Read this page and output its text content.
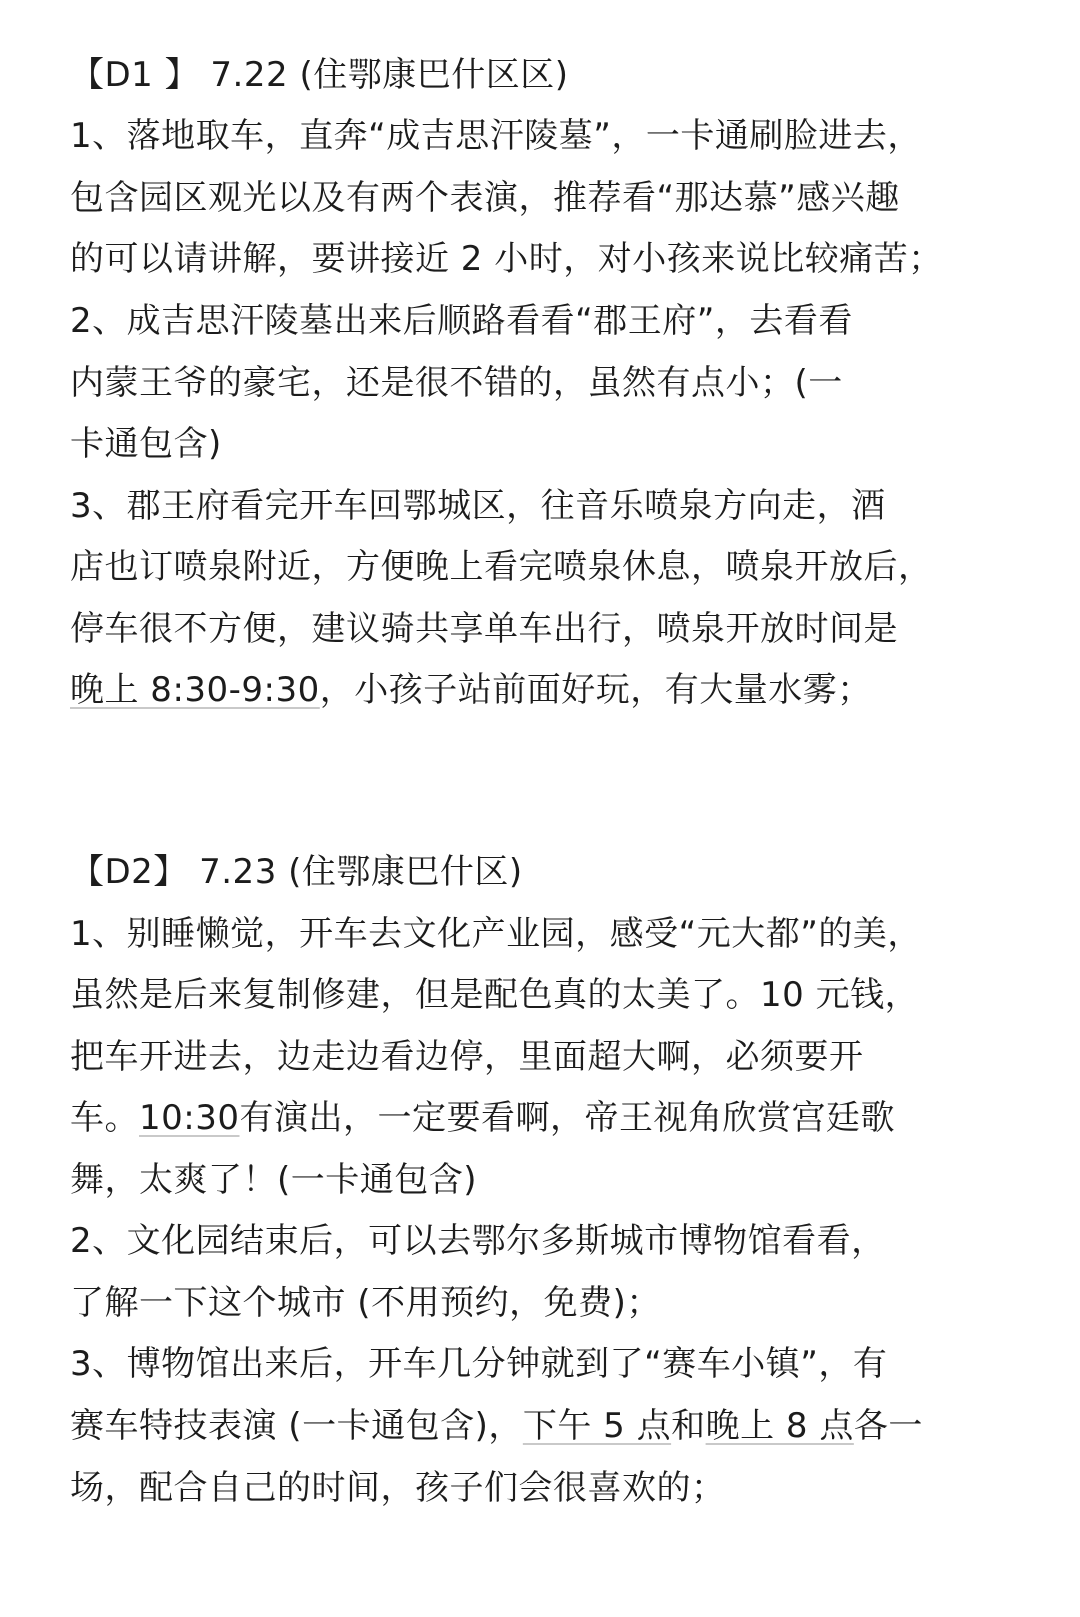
【D1 】 7.22 (住鄂康巴什区区)
1、落地取车，直奔“成吉思汗陵墓”，一卡通刷脸进去，
包含园区观光以及有两个表演，推荐看“那达慕”感兴趣
的可以请讲解，要讲接近 2 小时，对小孩来说比较痛苦；
2、成吉思汗陵墓出来后顺路看看“郡王府”，去看看
内蒙王爷的豪宅，还是很不错的，虽然有点小；(一
卡通包含)
3、郡王府看完开车回鄂城区，往音乐喷泉方向走，酒
店也订喷泉附近，方便晚上看完喷泉休息，喷泉开放后，
停车很不方便，建议骑共享单车出行，喷泉开放时间是
晚上 8:30-9:30，小孩子站前面好玩，有大量水雾；
【D2】 7.23 (住鄂康巴什区)
1、别睡懒觉，开车去文化产业园，感受“元大都”的美，
虽然是后来复制修建，但是配色真的太美了。10 元钱，
把车开进去，边走边看边停，里面超大啊，必须要开
车。10:30有演出，一定要看啊，帝王视角欣赏宫廷歌
舞，太爽了！(一卡通包含)
2、文化园结束后，可以去鄂尔多斯城市博物馆看看，
了解一下这个城市 (不用预约，免费)；
3、博物馆出来后，开车几分钟就到了“赛车小镇”，有
赛车特技表演 (一卡通包含)，下午 5 点和晚上 8 点各一
场，配合自己的时间，孩子们会很喜欢的；
